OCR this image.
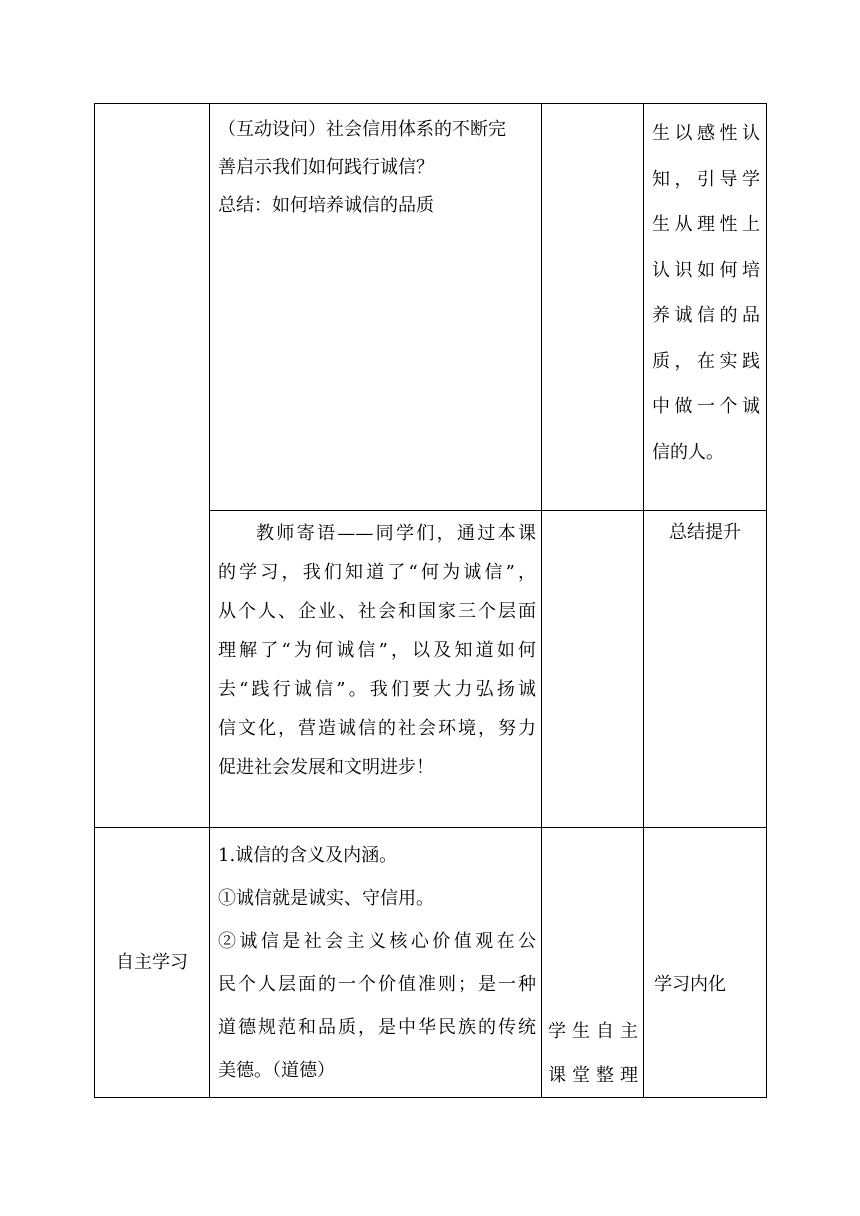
（互动设问）社会信用体系的不断完

善启示我们如何践行诚信？

总结：如何培养诚信的品质

生以感性认
知，引导学
生从理性上
认识如何培
养诚信的品
质，在实践
中做一个诚
信的人。

教师寄语——同学们，通过本课

的学习，我们知道了“何为诚信”，

从个人、企业、社会和国家三个层面

理解了“为何诚信”，以及知道如何

去“践行诚信”。我们要大力弘扬诚

信文化，营造诚信的社会环境，努力

促进社会发展和文明进步！

总结提升
自主学习

1.诚信的含义及内涵。

①诚信就是诚实、守信用。

②诚信是社会主义核心价值观在公

民个人层面的一个价值准则；是一种

道德规范和品质，是中华民族的传统

美德。（道德）

学生自主
课堂整理
学习内化
